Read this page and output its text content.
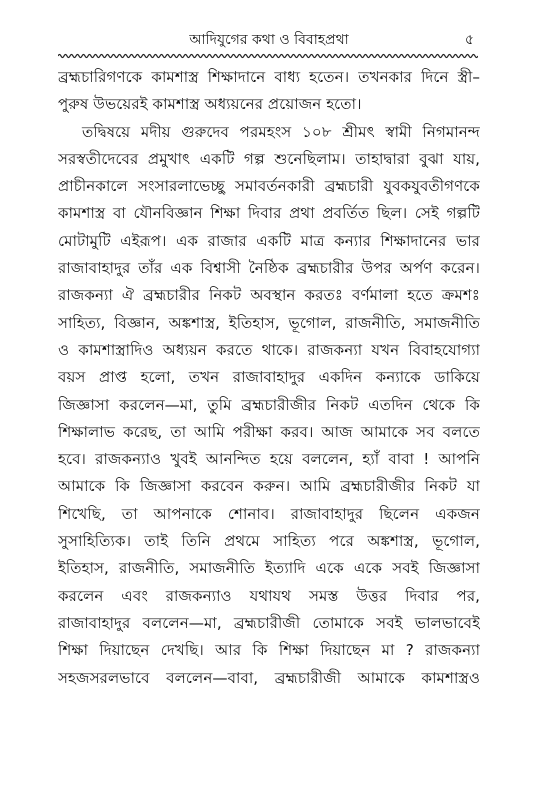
আদিযুগের কথা ও বিবাহপ্রথা	৫
ব্রহ্মচারিগণকে কামশাস্ত্র শিক্ষাদানে বাধ্য হতেন। তখনকার দিনে স্ত্রী–
পুরুষ উভয়েরই কামশাস্ত্র অধ্যয়নের প্রয়োজন হতো।
তদ্বিষয়ে মদীয় গুরুদেব পরমহংস ১০৮ শ্রীমৎ স্বামী নিগমানন্দ
সরস্বতীদেবের প্রমুখাৎ একটি গল্প শুনেছিলাম। তাহাদ্বারা বুঝা যায়,
প্রাচীনকালে সংসারলাভেচ্ছু সমাবর্তনকারী ব্রহ্মচারী যুবকযুবতীগণকে
কামশাস্ত্র বা যৌনবিজ্ঞান শিক্ষা দিবার প্রথা প্রবর্তিত ছিল। সেই গল্পটি
মোটামুটি এইরূপ। এক রাজার একটি মাত্র কন্যার শিক্ষাদানের ভার
রাজাবাহাদুর তাঁর এক বিশ্বাসী নৈষ্ঠিক ব্রহ্মচারীর উপর অর্পণ করেন।
রাজকন্যা ঐ ব্রহ্মচারীর নিকট অবস্থান করতঃ বর্ণমালা হতে ক্রমশঃ
সাহিত্য, বিজ্ঞান, অঙ্কশাস্ত্র, ইতিহাস, ভূগোল, রাজনীতি, সমাজনীতি
ও কামশাস্ত্রাদিও অধ্যয়ন করতে থাকে। রাজকন্যা যখন বিবাহযোগ্যা
বয়স প্রাপ্ত হলো, তখন রাজাবাহাদুর একদিন কন্যাকে ডাকিয়ে
জিজ্ঞাসা করলেন—মা, তুমি ব্রহ্মচারীজীর নিকট এতদিন থেকে কি
শিক্ষালাভ করেছ, তা আমি পরীক্ষা করব। আজ আমাকে সব বলতে
হবে। রাজকন্যাও খুবই আনন্দিত হয়ে বললেন, হ্যাঁ বাবা ! আপনি
আমাকে কি জিজ্ঞাসা করবেন করুন। আমি ব্রহ্মচারীজীর নিকট যা
শিখেছি, তা আপনাকে শোনাব। রাজাবাহাদুর ছিলেন একজন
সুসাহিত্যিক। তাই তিনি প্রথমে সাহিত্য পরে অঙ্কশাস্ত্র, ভূগোল,
ইতিহাস, রাজনীতি, সমাজনীতি ইত্যাদি একে একে সবই জিজ্ঞাসা
করলেন এবং রাজকন্যাও যথাযথ সমস্ত উত্তর দিবার পর,
রাজাবাহাদুর বললেন—মা, ব্রহ্মচারীজী তোমাকে সবই ভালভাবেই
শিক্ষা দিয়াছেন দেখছি। আর কি শিক্ষা দিয়াছেন মা ? রাজকন্যা
সহজসরলভাবে বললেন—বাবা, ব্রহ্মচারীজী আমাকে কামশাস্ত্রও
